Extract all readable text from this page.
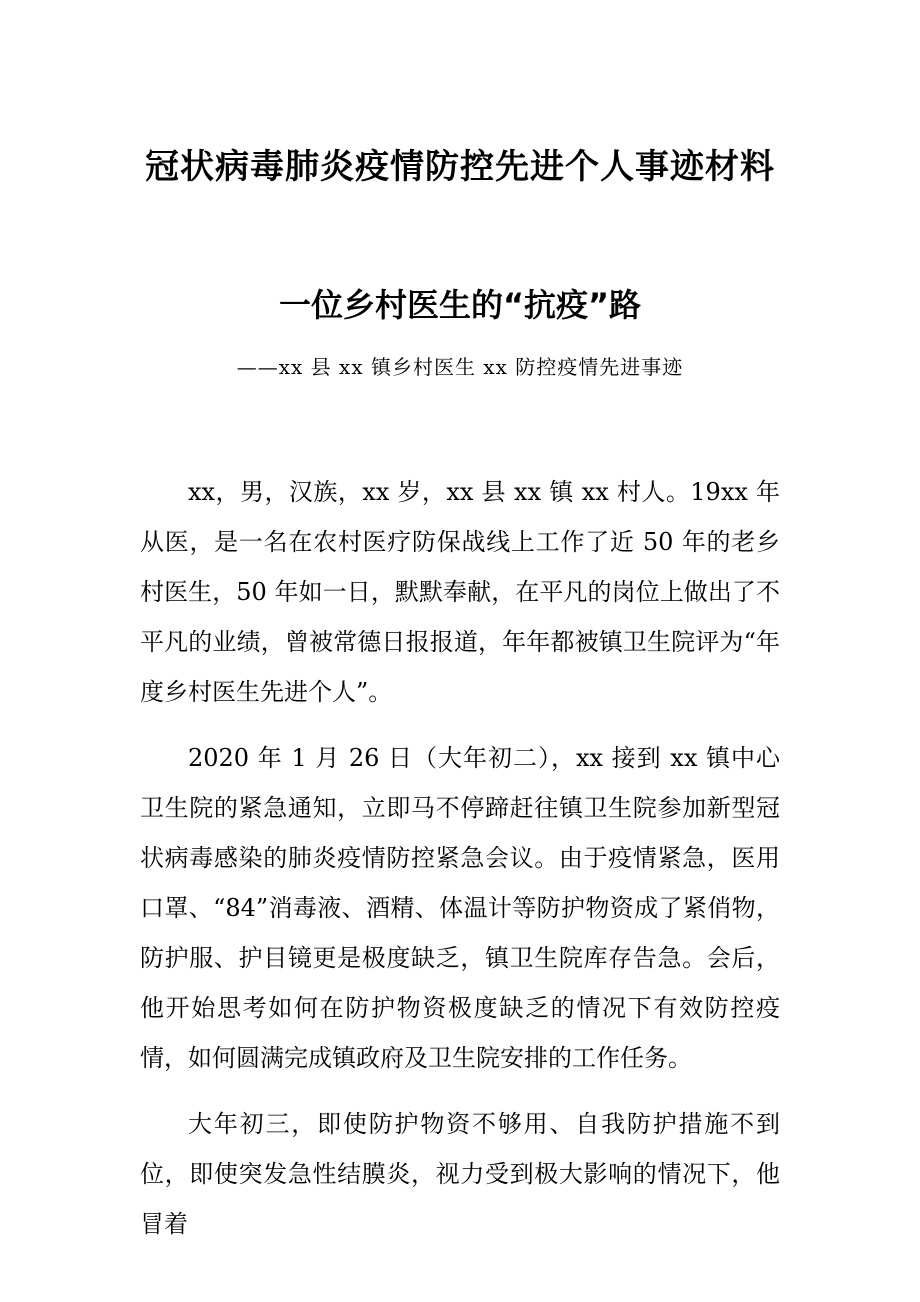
冠状病毒肺炎疫情防控先进个人事迹材料
一位乡村医生的“抗疫”路

——xx 县 xx 镇乡村医生 xx 防控疫情先进事迹

xx，男，汉族，xx 岁，xx 县 xx 镇 xx 村人。19xx 年从医，是一名在农村医疗防保战线上工作了近 50 年的老乡村医生，50 年如一日，默默奉献，在平凡的岗位上做出了不平凡的业绩，曾被常德日报报道，年年都被镇卫生院评为“年度乡村医生先进个人”。

2020 年 1 月 26 日（大年初二），xx 接到 xx 镇中心卫生院的紧急通知，立即马不停蹄赶往镇卫生院参加新型冠状病毒感染的肺炎疫情防控紧急会议。由于疫情紧急，医用口罩、“84”消毒液、酒精、体温计等防护物资成了紧俏物，防护服、护目镜更是极度缺乏，镇卫生院库存告急。会后，他开始思考如何在防护物资极度缺乏的情况下有效防控疫情，如何圆满完成镇政府及卫生院安排的工作任务。

大年初三，即使防护物资不够用、自我防护措施不到位，即使突发急性结膜炎，视力受到极大影响的情况下，他冒着
